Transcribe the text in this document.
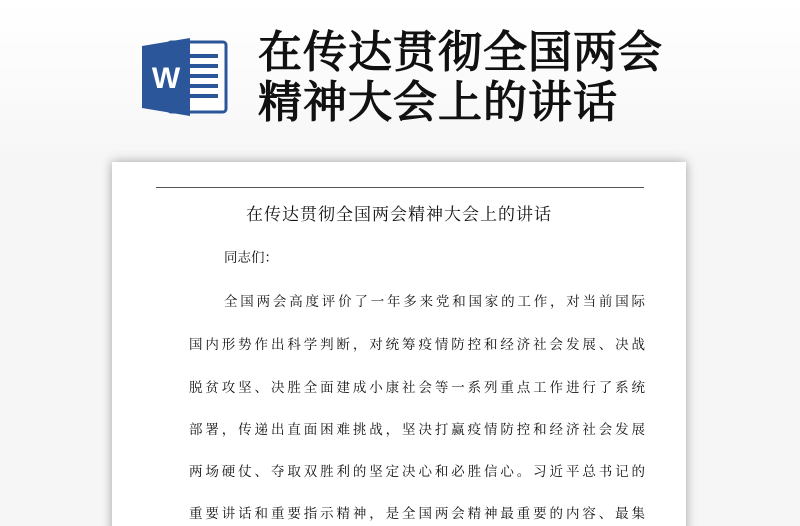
W
在传达贯彻全国两会
精神大会上的讲话
在传达贯彻全国两会精神大会上的讲话
同志们：
全国两会高度评价了一年多来党和国家的工作，对当前国际
国内形势作出科学判断，对统筹疫情防控和经济社会发展、决战
脱贫攻坚、决胜全面建成小康社会等一系列重点工作进行了系统
部署，传递出直面困难挑战，坚决打赢疫情防控和经济社会发展
两场硬仗、夺取双胜利的坚定决心和必胜信心。习近平总书记的
重要讲话和重要指示精神，是全国两会精神最重要的内容、最集
